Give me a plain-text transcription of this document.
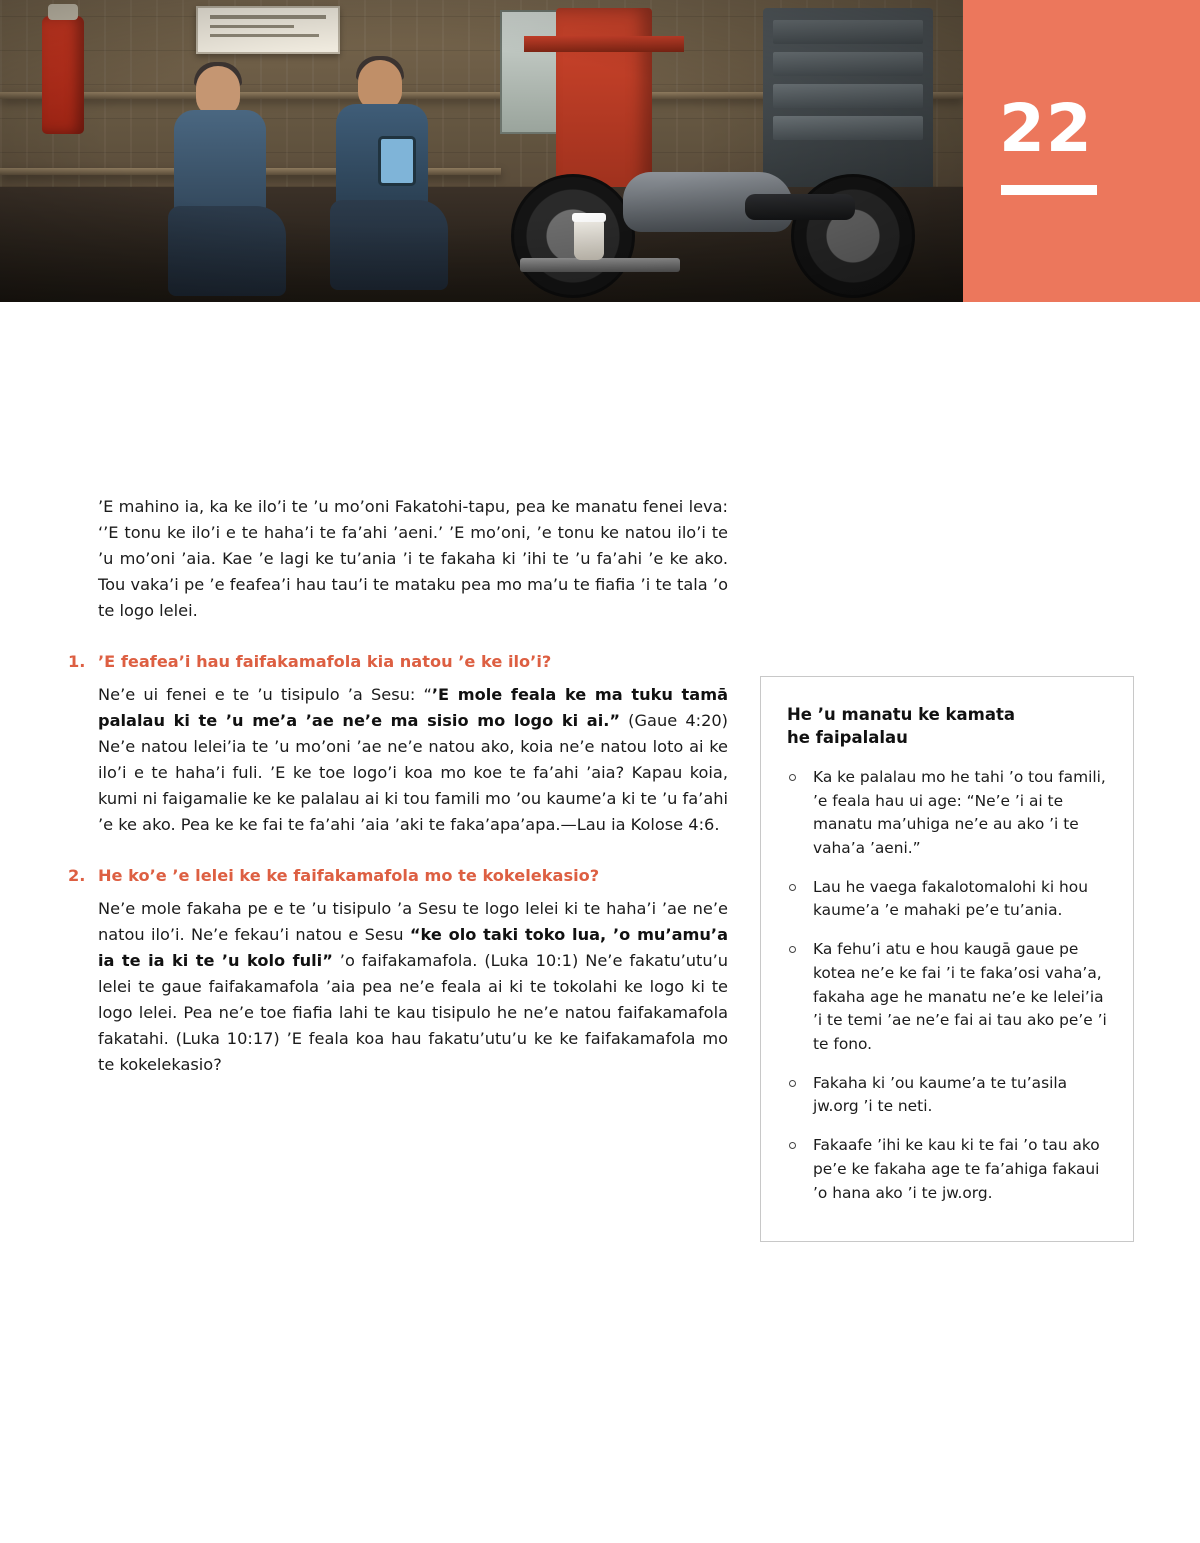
22

’E mahino ia, ka ke ilo’i te ’u mo’oni Fakatohi-tapu, pea ke manatu fenei leva: ‘’E tonu ke ilo’i e te haha’i te fa’ahi ’aeni.’ ’E mo’oni, ’e tonu ke natou ilo’i te ’u mo’oni ’aia. Kae ’e lagi ke tu’ania ’i te fakaha ki ’ihi te ’u fa’ahi ’e ke ako. Tou vaka’i pe ’e feafea’i hau tau’i te mataku pea mo ma’u te fiafia ’i te tala ’o te logo lelei.

1. ’E feafea’i hau faifakamafola kia natou ’e ke ilo’i?

Ne’e ui fenei e te ’u tisipulo ’a Sesu: “’E mole feala ke ma tuku tamā palalau ki te ’u me’a ’ae ne’e ma sisio mo logo ki ai.” (Gaue 4:20) Ne’e natou lelei’ia te ’u mo’oni ’ae ne’e natou ako, koia ne’e natou loto ai ke ilo’i e te haha’i fuli. ’E ke toe logo’i koa mo koe te fa’ahi ’aia? Kapau koia, kumi ni faigamalie ke ke palalau ai ki tou famili mo ’ou kaume’a ki te ’u fa’ahi ’e ke ako. Pea ke ke fai te fa’ahi ’aia ’aki te faka’apa’apa.—Lau ia Kolose 4:6.

2. He ko’e ’e lelei ke ke faifakamafola mo te kokelekasio?

Ne’e mole fakaha pe e te ’u tisipulo ’a Sesu te logo lelei ki te haha’i ’ae ne’e natou ilo’i. Ne’e fekau’i natou e Sesu “ke olo taki toko lua, ’o mu’amu’a ia te ia ki te ’u kolo fuli” ’o faifakamafola. (Luka 10:1) Ne’e fakatu’utu’u lelei te gaue faifakamafola ’aia pea ne’e feala ai ki te tokolahi ke logo ki te logo lelei. Pea ne’e toe fiafia lahi te kau tisipulo he ne’e natou faifakamafola fakatahi. (Luka 10:17) ’E feala koa hau fakatu’utu’u ke ke faifakamafola mo te kokelekasio?

He ’u manatu ke kamata
he faipalalau
Ka ke palalau mo he tahi ’o tou famili, ’e feala hau ui age: “Ne’e ’i ai te manatu ma’uhiga ne’e au ako ’i te vaha’a ’aeni.”
Lau he vaega fakalotomalohi ki hou kaume’a ’e mahaki pe’e tu’ania.
Ka fehu’i atu e hou kaugā gaue pe kotea ne’e ke fai ’i te faka’osi vaha’a, fakaha age he manatu ne’e ke lelei’ia ’i te temi ’ae ne’e fai ai tau ako pe’e ’i te fono.
Fakaha ki ’ou kaume’a te tu’asila jw.org ’i te neti.
Fakaafe ’ihi ke kau ki te fai ’o tau ako pe’e ke fakaha age te fa’ahiga fakaui ’o hana ako ’i te jw.org.
